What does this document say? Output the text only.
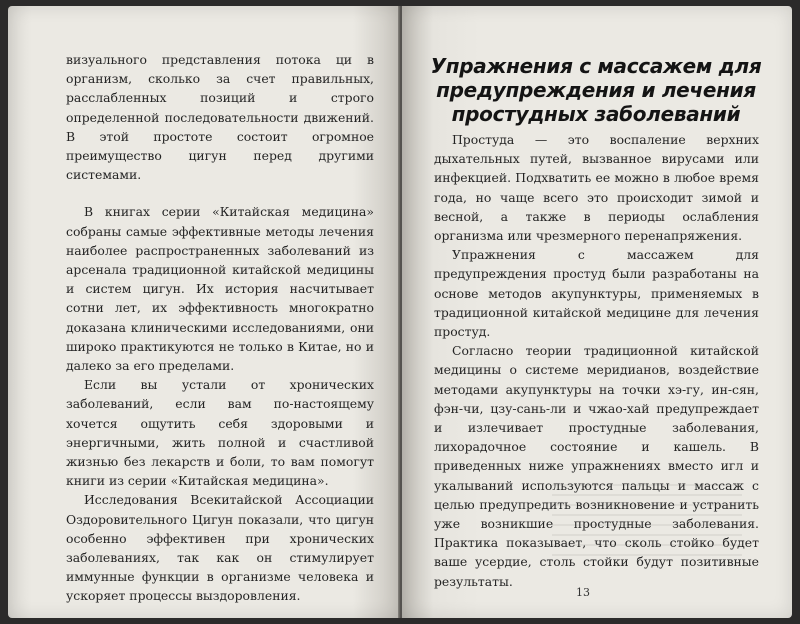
визуального представления потока ци в организм, сколько за счет правильных, расслабленных позиций и строго определенной последовательности движений. В этой простоте состоит огромное преимущество цигун перед другими системами.

В книгах серии «Китайская медицина» собраны самые эффективные методы лечения наиболее распространенных заболеваний из арсенала традиционной китайской медицины и систем цигун. Их история насчитывает сотни лет, их эффективность многократно доказана клиническими исследованиями, они широко практикуются не только в Китае, но и далеко за его пределами.

Если вы устали от хронических заболеваний, если вам по-настоящему хочется ощутить себя здоровыми и энергичными, жить полной и счастливой жизнью без лекарств и боли, то вам помогут книги из серии «Китайская медицина».

Исследования Всекитайской Ассоциации Оздоровительного Цигун показали, что цигун особенно эффективен при хронических заболеваниях, так как он стимулирует иммунные функции в организме человека и ускоряет процессы выздоровления.

Упражнения с массажем для предупреждения и лечения простудных заболеваний

Простуда — это воспаление верхних дыхательных путей, вызванное вирусами или инфекцией. Подхватить ее можно в любое время года, но чаще всего это происходит зимой и весной, а также в периоды ослабления организма или чрезмерного перенапряжения.

Упражнения с массажем для предупреждения простуд были разработаны на основе методов акупунктуры, применяемых в традиционной китайской медицине для лечения простуд.

Согласно теории традиционной китайской медицины о системе меридианов, воздействие методами акупунктуры на точки хэ-гу, ин-сян, фэн-чи, цзу-сань-ли и чжао-хай предупреждает и излечивает простудные заболевания, лихорадочное состояние и кашель. В приведенных ниже упражнениях вместо игл и укалываний используются пальцы и массаж с целью предупредить возникновение и устранить уже возникшие простудные заболевания. Практика показывает, что сколь стойко будет ваше усердие, столь стойки будут позитивные результаты.

13
